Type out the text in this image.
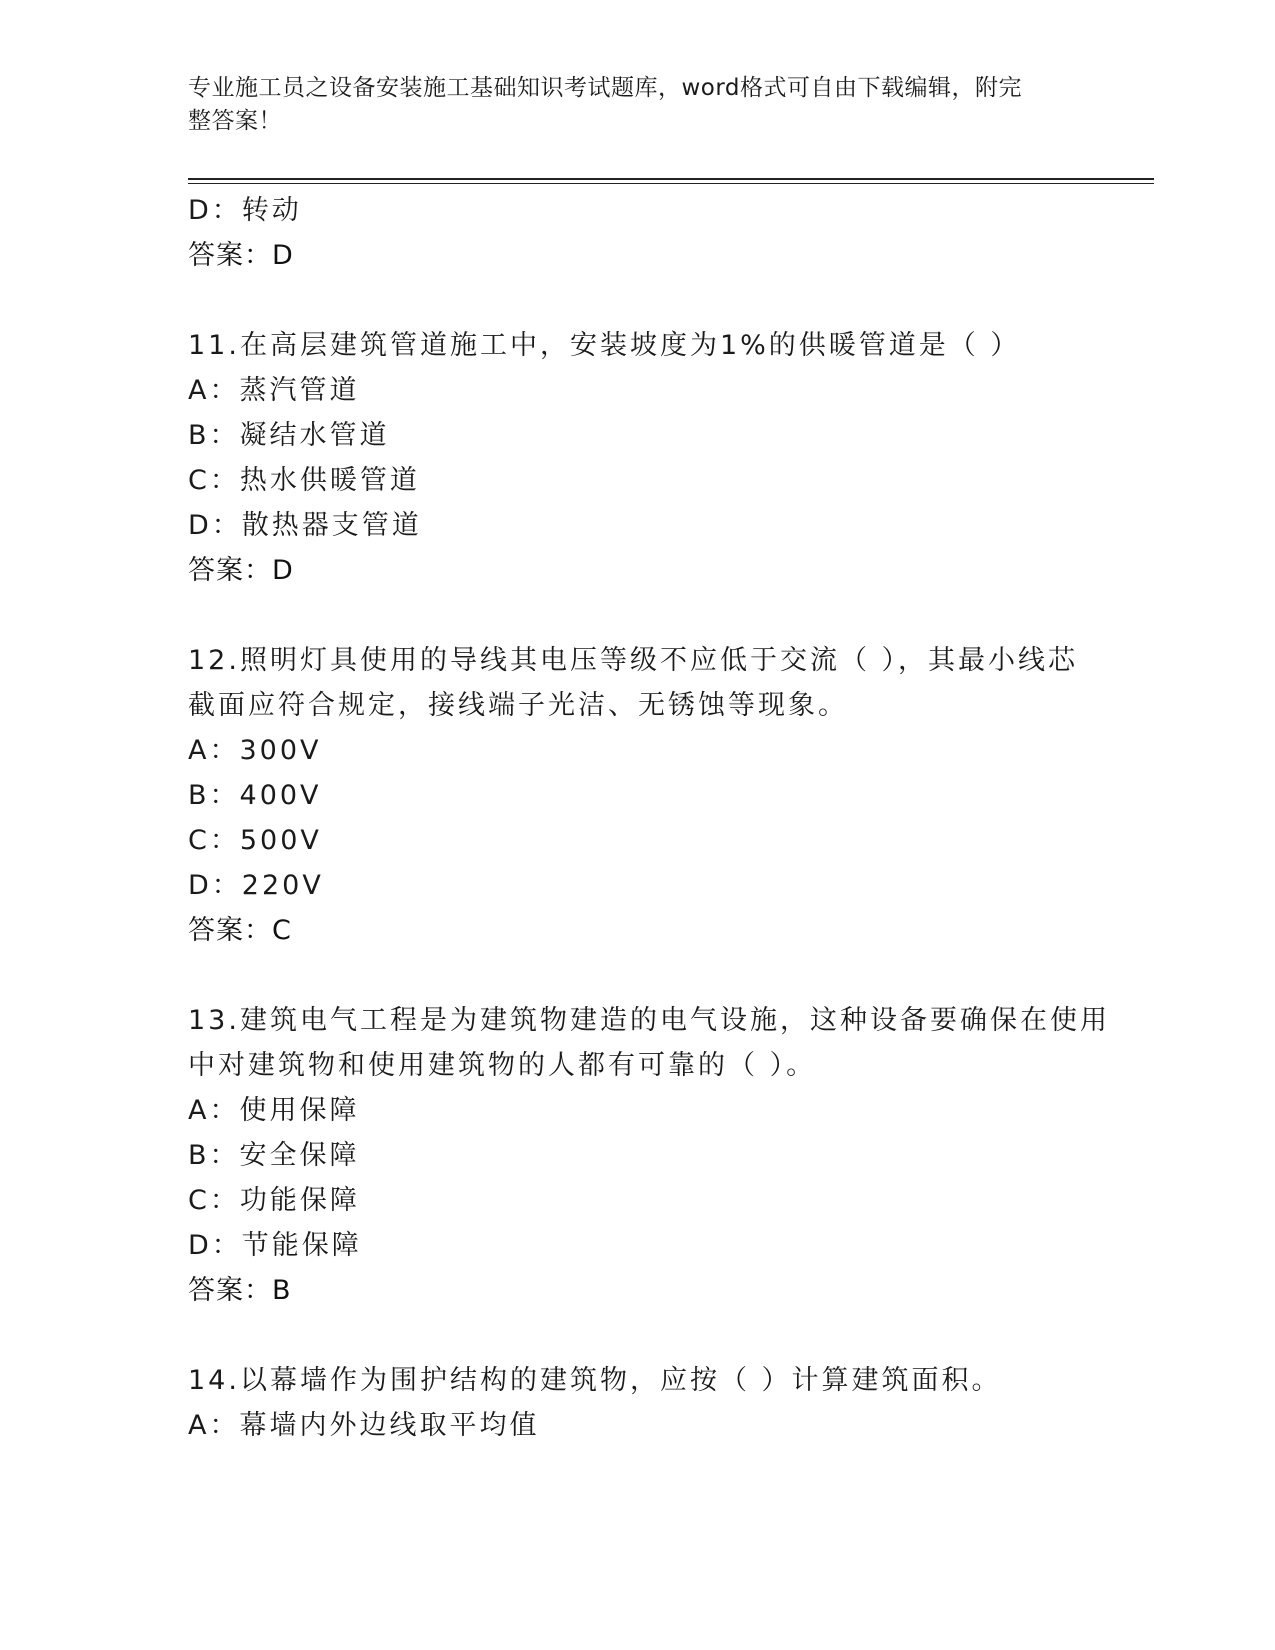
专业施工员之设备安装施工基础知识考试题库，word格式可自由下载编辑，附完
整答案！
D：转动
答案：D
11.在高层建筑管道施工中，安装坡度为1%的供暖管道是（ ）
A：蒸汽管道
B：凝结水管道
C：热水供暖管道
D：散热器支管道
答案：D
12.照明灯具使用的导线其电压等级不应低于交流（ ），其最小线芯
截面应符合规定，接线端子光洁、无锈蚀等现象。
A：300V
B：400V
C：500V
D：220V
答案：C
13.建筑电气工程是为建筑物建造的电气设施，这种设备要确保在使用
中对建筑物和使用建筑物的人都有可靠的（ ）。
A：使用保障
B：安全保障
C：功能保障
D：节能保障
答案：B
14.以幕墙作为围护结构的建筑物，应按（ ）计算建筑面积。
A：幕墙内外边线取平均值
